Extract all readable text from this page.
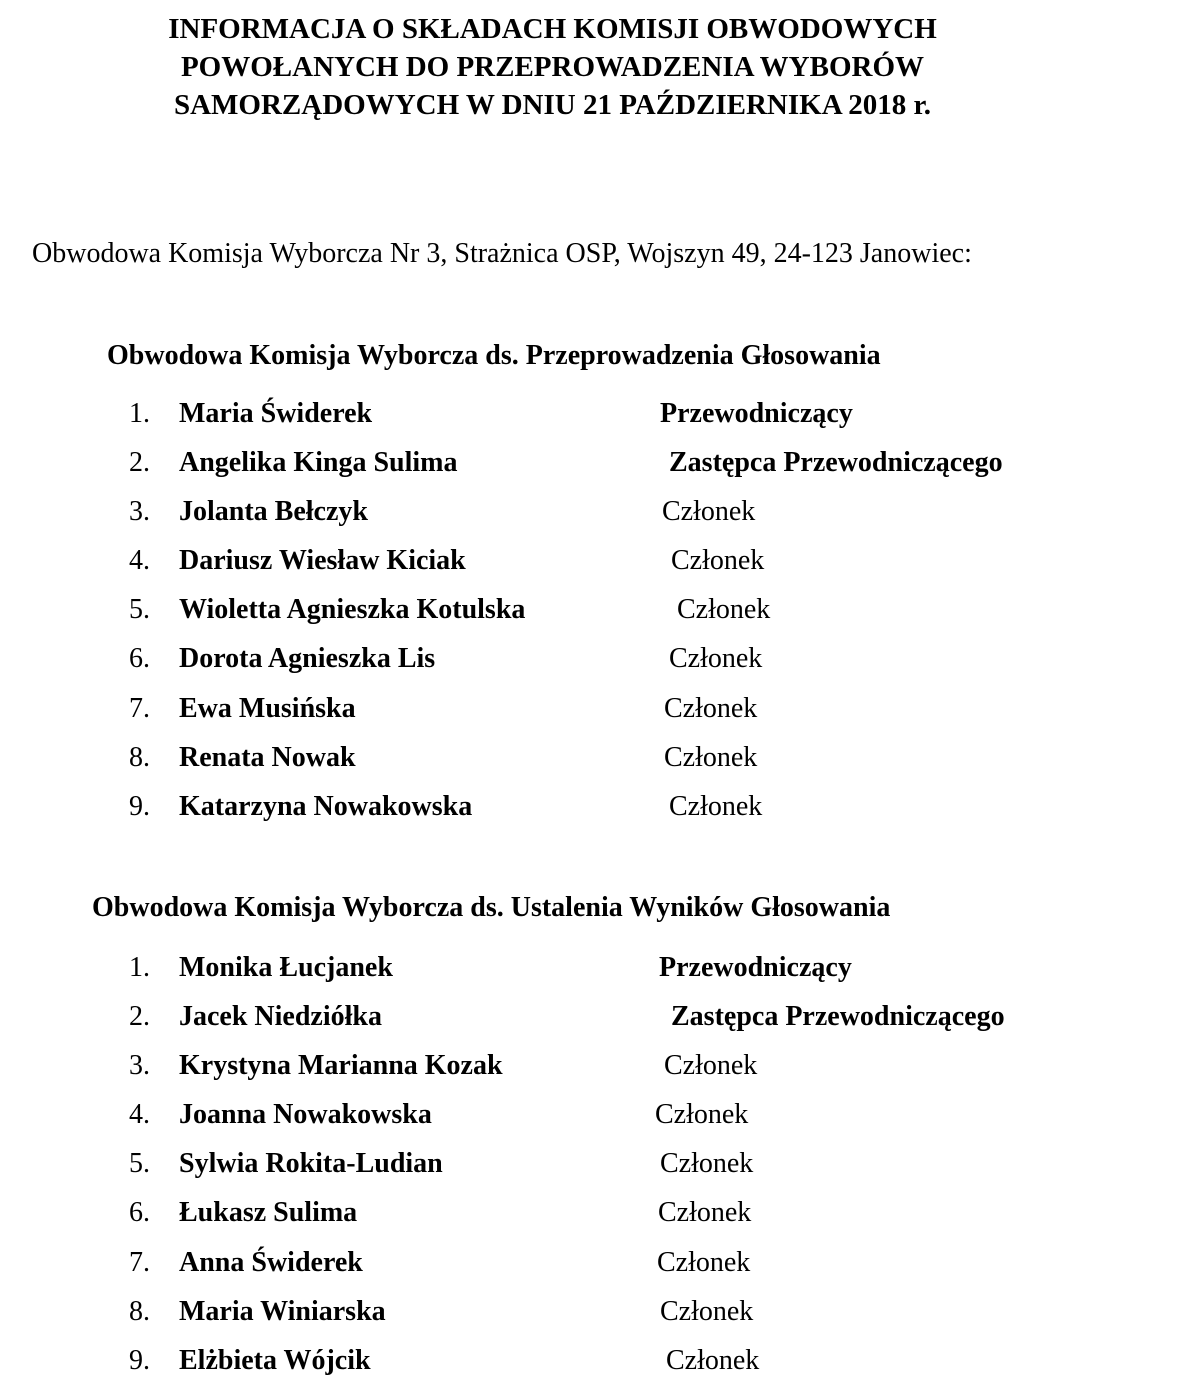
INFORMACJA O SKŁADACH KOMISJI OBWODOWYCH
POWOŁANYCH DO PRZEPROWADZENIA WYBORÓW
SAMORZĄDOWYCH W DNIU 21 PAŹDZIERNIKA 2018 r.
Obwodowa Komisja Wyborcza Nr 3, Strażnica OSP, Wojszyn 49, 24-123 Janowiec:
Obwodowa Komisja Wyborcza ds. Przeprowadzenia Głosowania
1. Maria Świderek	Przewodniczący
2. Angelika Kinga Sulima	Zastępca Przewodniczącego
3. Jolanta Bełczyk	Członek
4. Dariusz Wiesław Kiciak	Członek
5. Wioletta Agnieszka Kotulska	Członek
6. Dorota Agnieszka Lis	Członek
7. Ewa Musińska	Członek
8. Renata Nowak	Członek
9. Katarzyna Nowakowska	Członek
Obwodowa Komisja Wyborcza ds. Ustalenia Wyników Głosowania
1. Monika Łucjanek	Przewodniczący
2. Jacek Niedziółka	Zastępca Przewodniczącego
3. Krystyna Marianna Kozak	Członek
4. Joanna Nowakowska	Członek
5. Sylwia Rokita-Ludian	Członek
6. Łukasz Sulima	Członek
7. Anna Świderek	Członek
8. Maria Winiarska	Członek
9. Elżbieta Wójcik	Członek
